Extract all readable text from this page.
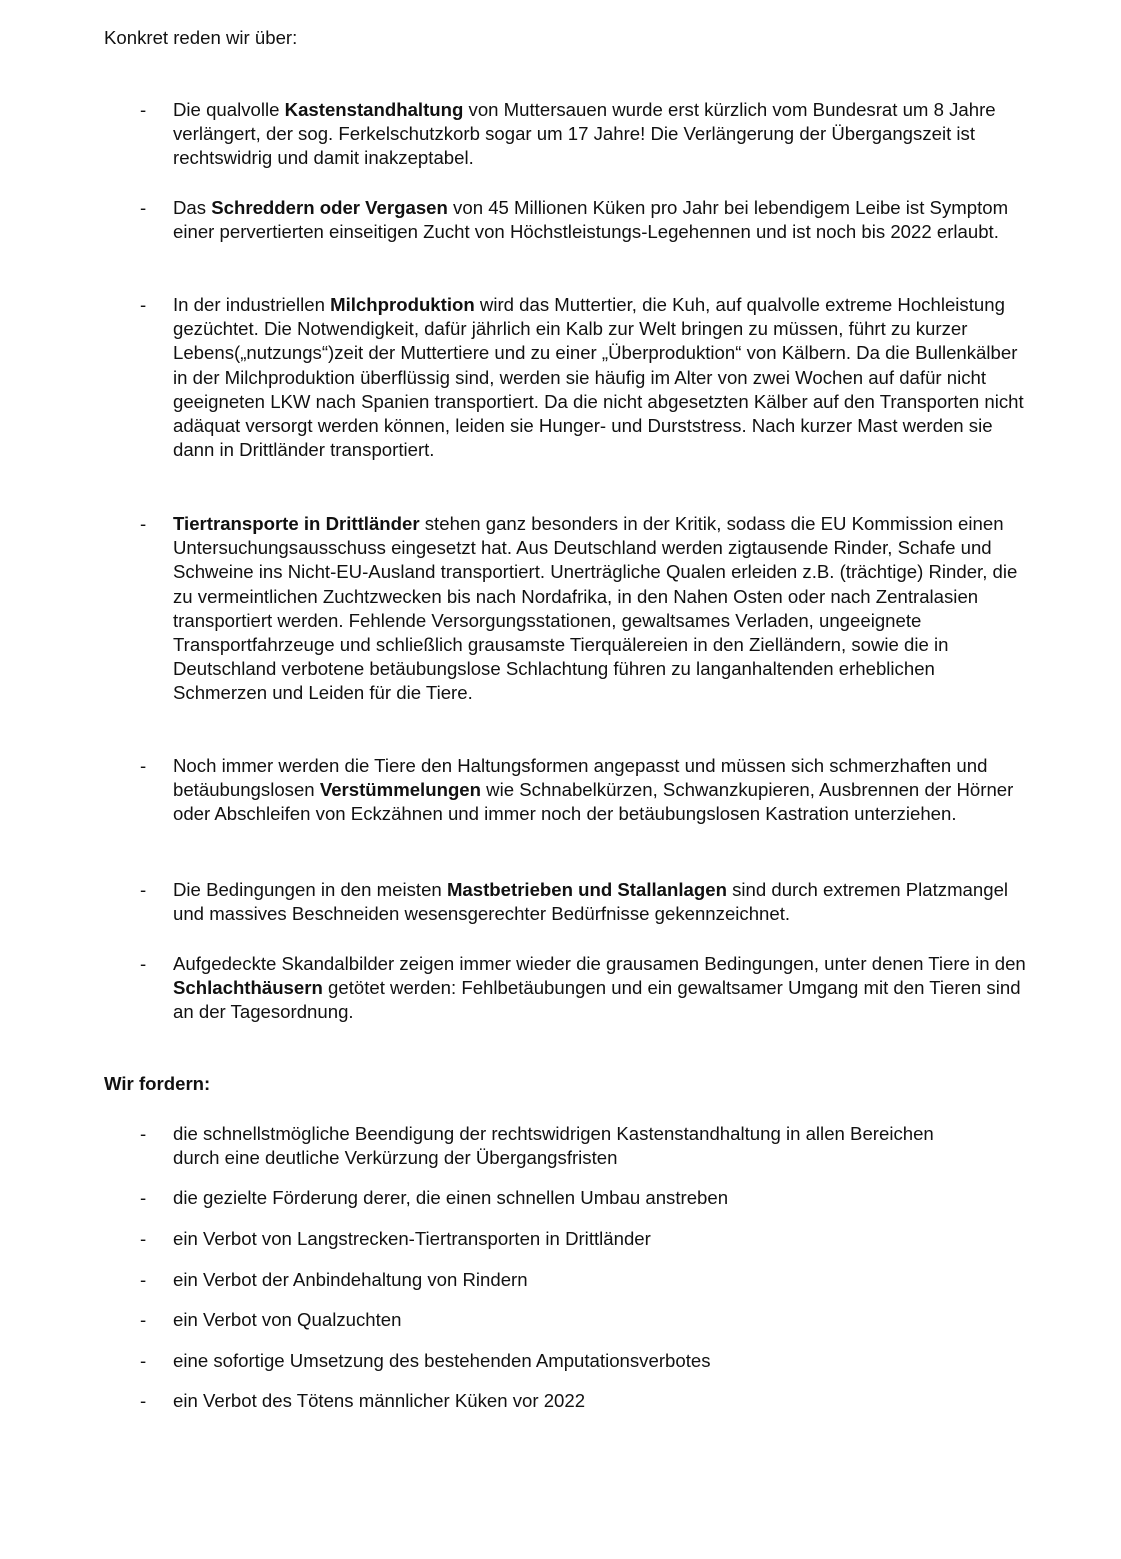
Konkret reden wir über:
- Die qualvolle Kastenstandhaltung von Muttersauen wurde erst kürzlich vom Bundesrat um 8 Jahre verlängert, der sog. Ferkelschutzkorb sogar um 17 Jahre! Die Verlängerung der Übergangszeit ist rechtswidrig und damit inakzeptabel.
- Das Schreddern oder Vergasen von 45 Millionen Küken pro Jahr bei lebendigem Leibe ist Symptom einer pervertierten einseitigen Zucht von Höchstleistungs-Legehennen und ist noch bis 2022 erlaubt.
- In der industriellen Milchproduktion wird das Muttertier, die Kuh, auf qualvolle extreme Hochleistung gezüchtet. Die Notwendigkeit, dafür jährlich ein Kalb zur Welt bringen zu müssen, führt zu kurzer Lebens(„nutzungs“)zeit der Muttertiere und zu einer „Überproduktion“ von Kälbern. Da die Bullenkälber in der Milchproduktion überflüssig sind, werden sie häufig im Alter von zwei Wochen auf dafür nicht geeigneten LKW nach Spanien transportiert. Da die nicht abgesetzten Kälber auf den Transporten nicht adäquat versorgt werden können, leiden sie Hunger- und Durststress. Nach kurzer Mast werden sie dann in Drittländer transportiert.
- Tiertransporte in Drittländer stehen ganz besonders in der Kritik, sodass die EU Kommission einen Untersuchungsausschuss eingesetzt hat. Aus Deutschland werden zigtausende Rinder, Schafe und Schweine ins Nicht-EU-Ausland transportiert. Unerträgliche Qualen erleiden z.B. (trächtige) Rinder, die zu vermeintlichen Zuchtzwecken bis nach Nordafrika, in den Nahen Osten oder nach Zentralasien transportiert werden. Fehlende Versorgungsstationen, gewaltsames Verladen, ungeeignete Transportfahrzeuge und schließlich grausamste Tierquälereien in den Zielländern, sowie die in Deutschland verbotene betäubungslose Schlachtung führen zu langanhaltenden erheblichen Schmerzen und Leiden für die Tiere.
- Noch immer werden die Tiere den Haltungsformen angepasst und müssen sich schmerzhaften und betäubungslosen Verstümmelungen wie Schnabelkürzen, Schwanzkupieren, Ausbrennen der Hörner oder Abschleifen von Eckzähnen und immer noch der betäubungslosen Kastration unterziehen.
- Die Bedingungen in den meisten Mastbetrieben und Stallanlagen sind durch extremen Platzmangel und massives Beschneiden wesensgerechter Bedürfnisse gekennzeichnet.
- Aufgedeckte Skandalbilder zeigen immer wieder die grausamen Bedingungen, unter denen Tiere in den Schlachthäusern getötet werden: Fehlbetäubungen und ein gewaltsamer Umgang mit den Tieren sind an der Tagesordnung.
Wir fordern:
- die schnellstmögliche Beendigung der rechtswidrigen Kastenstandhaltung in allen Bereichen durch eine deutliche Verkürzung der Übergangsfristen
- die gezielte Förderung derer, die einen schnellen Umbau anstreben
- ein Verbot von Langstrecken-Tiertransporten in Drittländer
- ein Verbot der Anbindehaltung von Rindern
- ein Verbot von Qualzuchten
- eine sofortige Umsetzung des bestehenden Amputationsverbotes
- ein Verbot des Tötens männlicher Küken vor 2022
